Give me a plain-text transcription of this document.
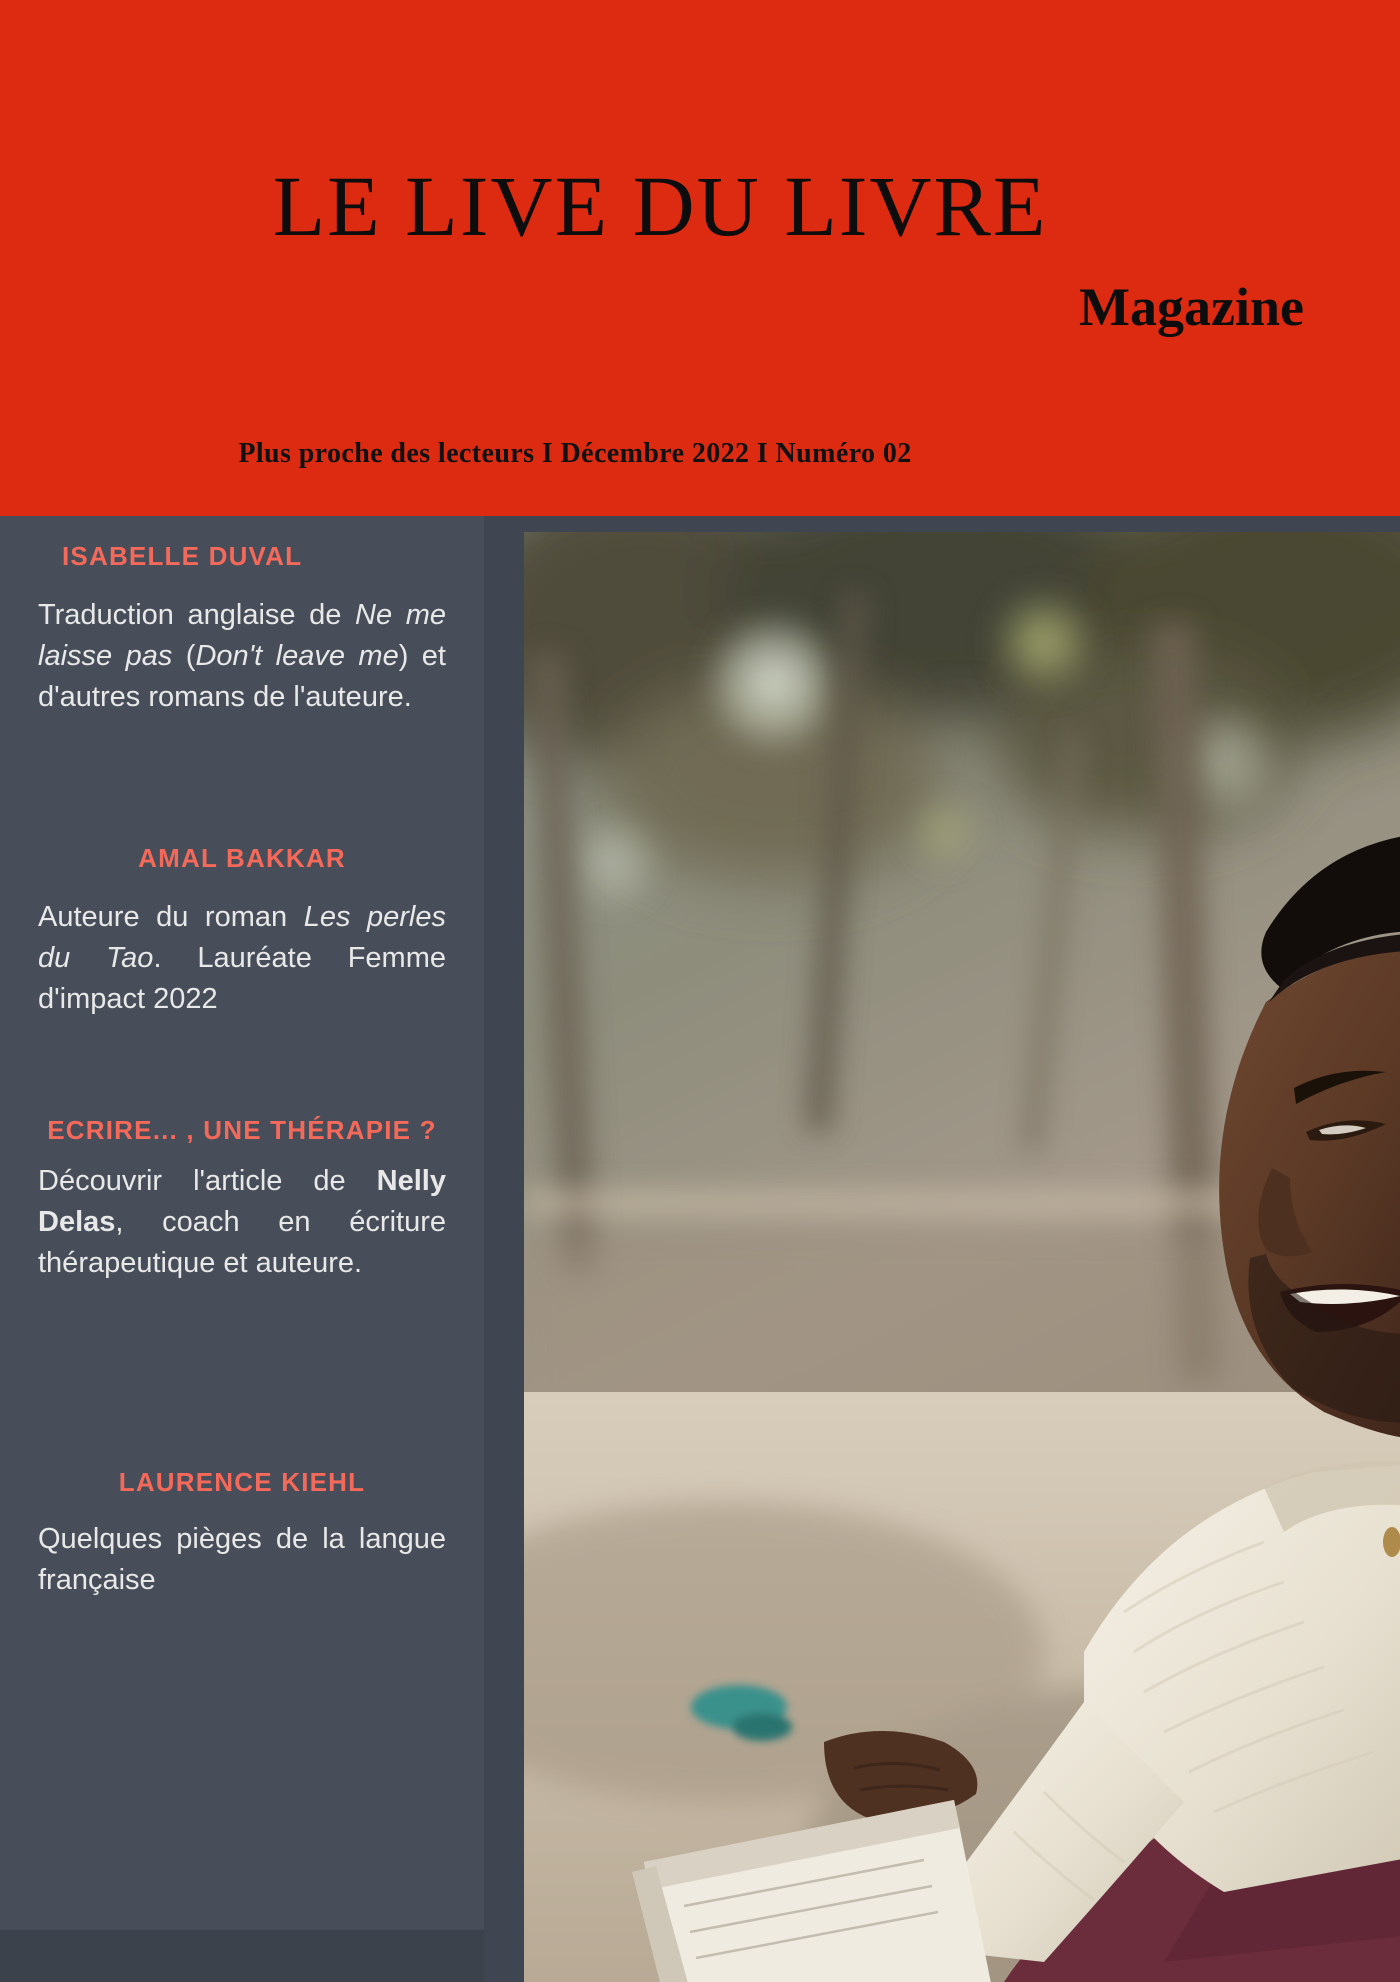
LE LIVE DU LIVRE
Magazine
Plus proche des lecteurs I Décembre 2022 I Numéro 02
ISABELLE DUVAL

Traduction anglaise de Ne me laisse pas (Don't leave me) et d'autres romans de l'auteure.

AMAL BAKKAR

Auteure du roman Les perles du Tao. Lauréate Femme d'impact 2022

ECRIRE... , UNE THÉRAPIE ?

Découvrir l'article de Nelly Delas, coach en écriture thérapeutique et auteure.

LAURENCE KIEHL

Quelques pièges de la langue française
